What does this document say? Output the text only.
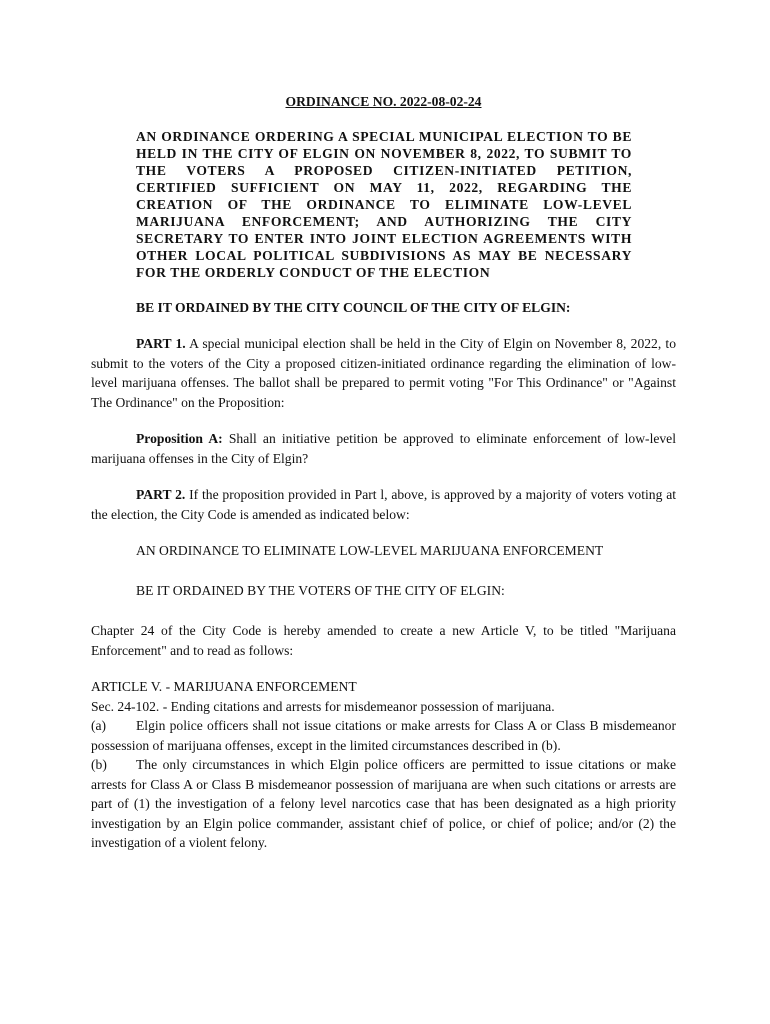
ORDINANCE NO. 2022-08-02-24
AN ORDINANCE ORDERING A SPECIAL MUNICIPAL ELECTION TO BE HELD IN THE CITY OF ELGIN ON NOVEMBER 8, 2022, TO SUBMIT TO THE VOTERS A PROPOSED CITIZEN-INITIATED PETITION, CERTIFIED SUFFICIENT ON MAY 11, 2022, REGARDING THE CREATION OF THE ORDINANCE TO ELIMINATE LOW-LEVEL MARIJUANA ENFORCEMENT; AND AUTHORIZING THE CITY SECRETARY TO ENTER INTO JOINT ELECTION AGREEMENTS WITH OTHER LOCAL POLITICAL SUBDIVISIONS AS MAY BE NECESSARY FOR THE ORDERLY CONDUCT OF THE ELECTION
BE IT ORDAINED BY THE CITY COUNCIL OF THE CITY OF ELGIN:

PART 1. A special municipal election shall be held in the City of Elgin on November 8, 2022, to submit to the voters of the City a proposed citizen-initiated ordinance regarding the elimination of low-level marijuana offenses. The ballot shall be prepared to permit voting "For This Ordinance" or "Against The Ordinance" on the Proposition:

Proposition A: Shall an initiative petition be approved to eliminate enforcement of low-level marijuana offenses in the City of Elgin?

PART 2. If the proposition provided in Part l, above, is approved by a majority of voters voting at the election, the City Code is amended as indicated below:

AN ORDINANCE TO ELIMINATE LOW-LEVEL MARIJUANA ENFORCEMENT
BE IT ORDAINED BY THE VOTERS OF THE CITY OF ELGIN:

Chapter 24 of the City Code is hereby amended to create a new Article V, to be titled "Marijuana Enforcement" and to read as follows:

ARTICLE V. - MARIJUANA ENFORCEMENT
Sec. 24-102. - Ending citations and arrests for misdemeanor possession of marijuana.
(a) Elgin police officers shall not issue citations or make arrests for Class A or Class B misdemeanor possession of marijuana offenses, except in the limited circumstances described in (b).
(b) The only circumstances in which Elgin police officers are permitted to issue citations or make arrests for Class A or Class B misdemeanor possession of marijuana are when such citations or arrests are part of (1) the investigation of a felony level narcotics case that has been designated as a high priority investigation by an Elgin police commander, assistant chief of police, or chief of police; and/or (2) the investigation of a violent felony.
